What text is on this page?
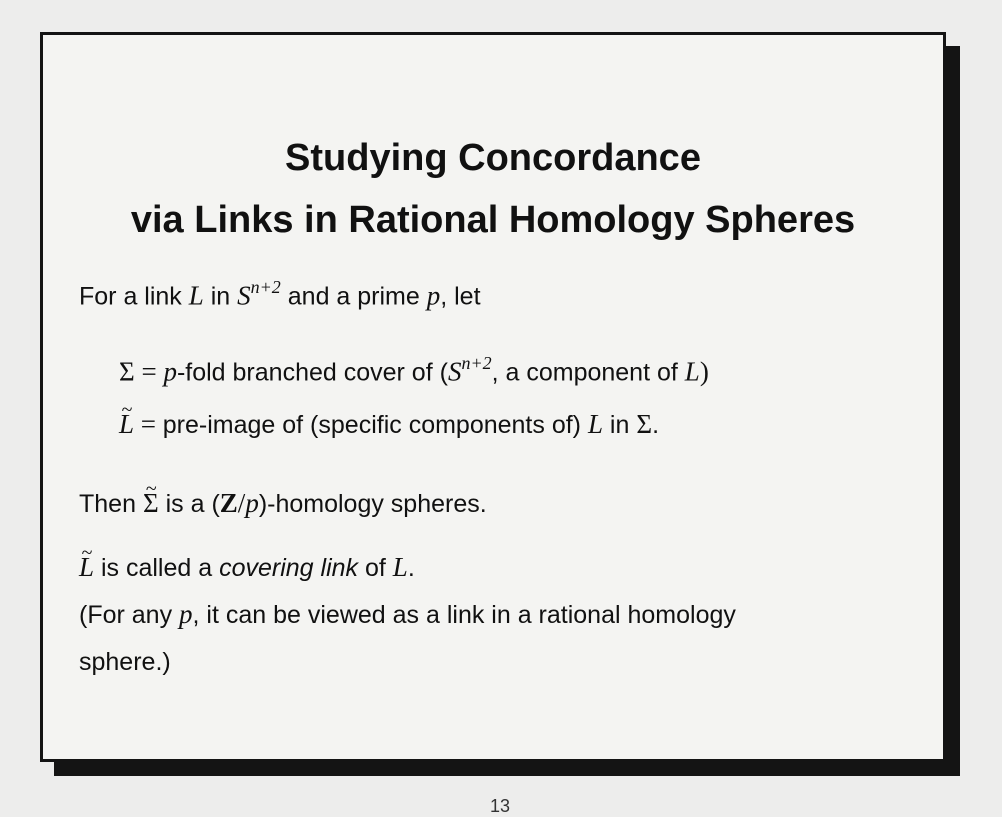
Studying Concordance
via Links in Rational Homology Spheres
For a link L in $S^{n+2}$ and a prime p, let
Σ = p-fold branched cover of ($S^{n+2}$, a component of L)
~ L = pre-image of (specific components of) L in Σ.
Then ~ Σ is a (Z/p)-homology spheres.
~ L is called a covering link of L.
(For any p, it can be viewed as a link in a rational homology
sphere.)
13
